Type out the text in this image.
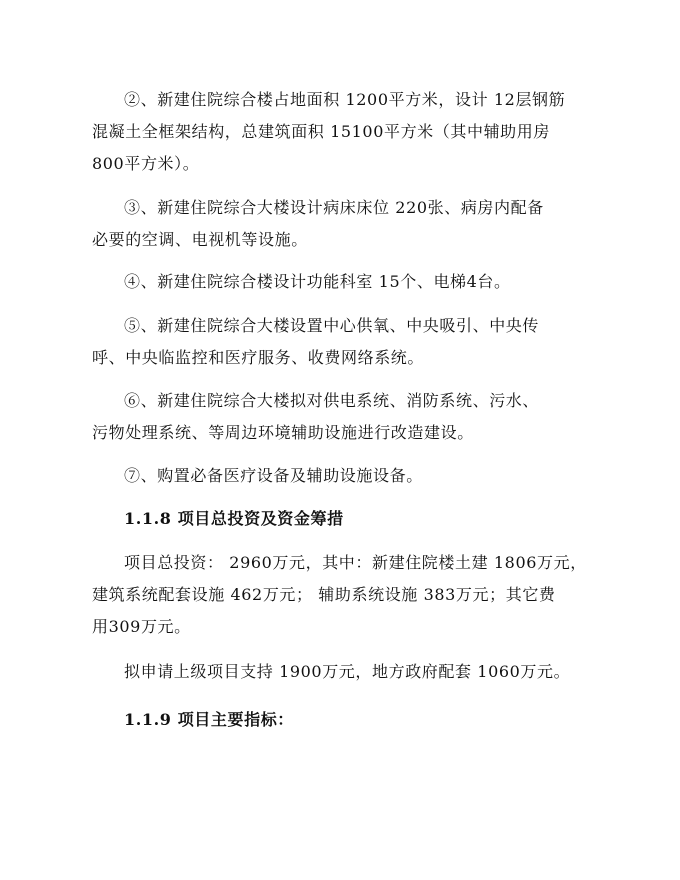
②、新建住院综合楼占地面积 1200平方米，设计 12层钢筋
混凝土全框架结构，总建筑面积 15100平方米（其中辅助用房
800平方米）。
③、新建住院综合大楼设计病床床位 220张、病房内配备
必要的空调、电视机等设施。
④、新建住院综合楼设计功能科室 15个、电梯4台。
⑤、新建住院综合大楼设置中心供氧、中央吸引、中央传
呼、中央临监控和医疗服务、收费网络系统。
⑥、新建住院综合大楼拟对供电系统、消防系统、污水、
污物处理系统、等周边环境辅助设施进行改造建设。
⑦、购置必备医疗设备及辅助设施设备。
1.1.8 项目总投资及资金筹措
项目总投资： 2960万元，其中：新建住院楼土建 1806万元，
建筑系统配套设施 462万元； 辅助系统设施 383万元；其它费
用309万元。
拟申请上级项目支持 1900万元，地方政府配套 1060万元。
1.1.9 项目主要指标：
